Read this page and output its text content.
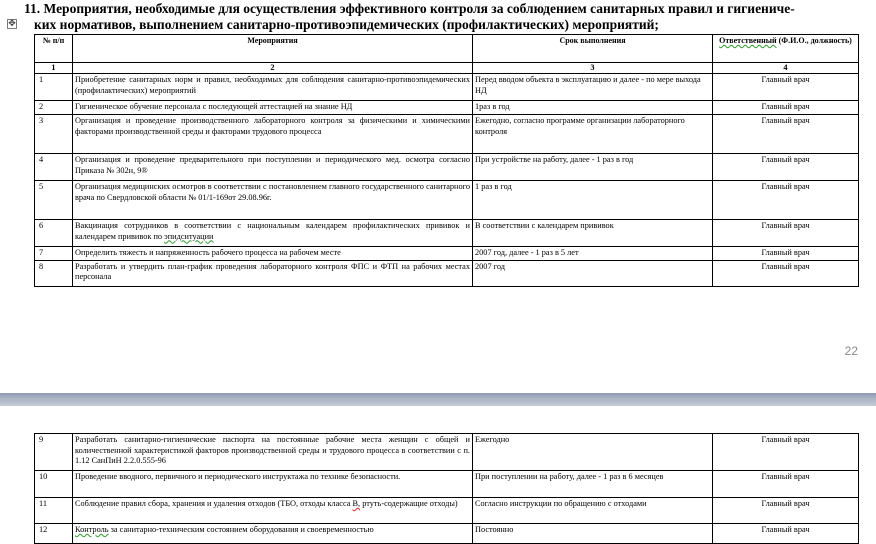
✥
11. Мероприятия, необходимые для осуществления эффективного контроля за соблюдением санитарных правил и гигиениче-
ких нормативов, выполнением санитарно-противоэпидемических (профилактических) мероприятий;
№ п/п	Мероприятия	Срок выполнения	Ответственный (Ф.И.О., должность)
1	2	3	4
1	Приобретение санитарных норм и правил, необходимых для соблюдения санитарно-противоэпидемических (профилактических) мероприятий	Перед вводом объекта в эксплуатацию и далее - по мере выхода НД	Главный врач
2	Гигиеническое обучение персонала с последующей аттестацией на знание НД	1раз в год	Главный врач
3	Организация и проведение производственного лабораторного контроля за физическими и химическими факторами производственной среды и факторами трудового процесса	Ежегодно, согласно программе организации лабораторного контроля	Главный врач
4	Организация и проведение предварительного при поступлении и периодического мед. осмотра согласно Приказа № 302н, 9®	При устройстве на работу, далее - 1 раз в год	Главный врач
5	Организация медицинских осмотров в соответствии с постановлением главного государственного санитарного врача по Свердловской области № 01/1-169от 29.08.96г.	1 раз в год	Главный врач
6	Вакцинация сотрудников в соответствии с национальным календарем профилактических прививок и календарем прививок по эпидситуации	В соответствии с календарем прививок	Главный врач
7	Определить тяжесть и напряженность рабочего процесса на рабочем месте	2007 год, далее - 1 раз в 5 лет	Главный врач
8	Разработать и утвердить план-график проведения лабораторного контроля ФПС и ФТП на рабочих местах персонала	2007 год	Главный врач
22
9	Разработать санитарно-гигиенические паспорта на постоянные рабочие места женщин с общей и количественной характеристикой факторов производственной среды и трудового процесса в соответствии с п. 1.12 СанПиН 2.2.0.555-96	Ежегодно	Главный врач
10	Проведение вводного, первичного и периодического инструктажа по технике безопасности.	При поступлении на работу, далее - 1 раз в 6 месяцев	Главный врач
11	Соблюдение правил сбора, хранения и удаления отходов (ТБО, отходы класса В, ртуть-содержащие отходы)	Согласно инструкции по обращению с отходами	Главный врач
12	Контроль за санитарно-техническим состоянием оборудования и своевременностью	Постоянно	Главный врач
